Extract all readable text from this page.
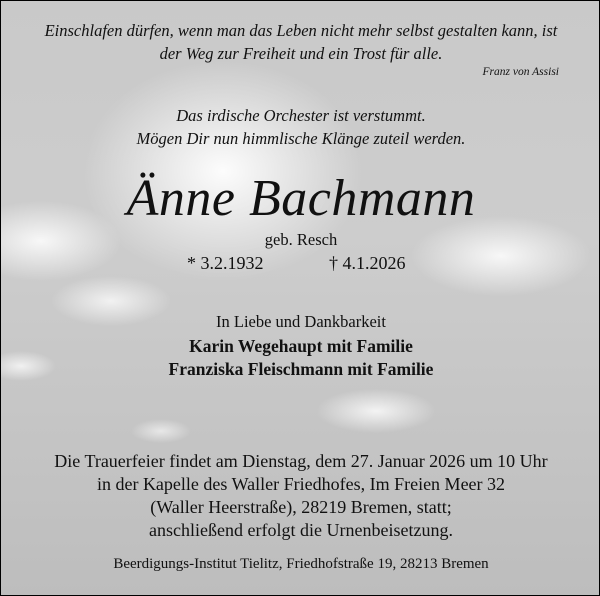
Einschlafen dürfen, wenn man das Leben nicht mehr selbst gestalten kann, ist
der Weg zur Freiheit und ein Trost für alle.
Franz von Assisi
Das irdische Orchester ist verstummt.
Mögen Dir nun himmlische Klänge zuteil werden.
Änne Bachmann
geb. Resch
* 3.2.1932	† 4.1.2026
In Liebe und Dankbarkeit
Karin Wegehaupt mit Familie
Franziska Fleischmann mit Familie
Die Trauerfeier findet am Dienstag, dem 27. Januar 2026 um 10 Uhr
in der Kapelle des Waller Friedhofes, Im Freien Meer 32
(Waller Heerstraße), 28219 Bremen, statt;
anschließend erfolgt die Urnenbeisetzung.
Beerdigungs-Institut Tielitz, Friedhofstraße 19, 28213 Bremen
